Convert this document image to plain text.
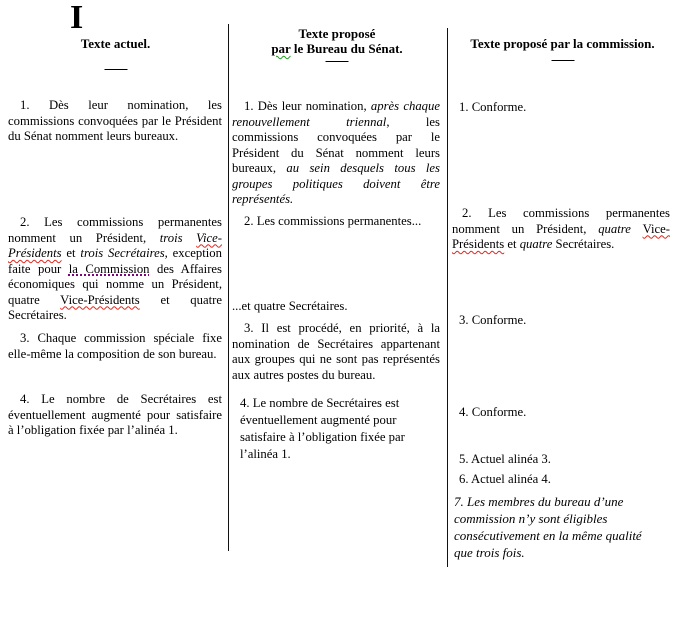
I
Texte actuel.

1. Dès leur nomination, les commissions convoquées par le Président du Sénat nomment leurs bureaux.

2. Les commissions permanentes nomment un Président, trois Vice-Présidents et trois Secrétaires, exception faite pour la Commission des Affaires économiques qui nomme un Président, quatre Vice-Présidents et quatre Secrétaires.

3. Chaque commission spéciale fixe elle-même la composition de son bureau.

4. Le nombre de Secrétaires est éventuellement augmenté pour satisfaire à l’obligation fixée par l’alinéa 1.

Texte proposé
par le Bureau du Sénat.

1. Dès leur nomination, après chaque renouvellement triennal, les commissions convoquées par le Président du Sénat nomment leurs bureaux, au sein desquels tous les groupes politiques doivent être représentés.

2. Les commissions permanentes...

...et quatre Secrétaires.

3. Il est procédé, en priorité, à la nomination de Secrétaires appartenant aux groupes qui ne sont pas représentés aux autres postes du bureau.

4. Le nombre de Secrétaires est éventuellement augmenté pour satisfaire à l’obligation fixée par l’alinéa 1.

Texte proposé par la commission.

1. Conforme.

2. Les commissions permanentes nomment un Président, quatre Vice-Présidents et quatre Secrétaires.

3. Conforme.

4. Conforme.

5. Actuel alinéa 3.

6. Actuel alinéa 4.

7. Les membres du bureau d’une commission n’y sont éligibles consécutivement en la même qualité que trois fois.
